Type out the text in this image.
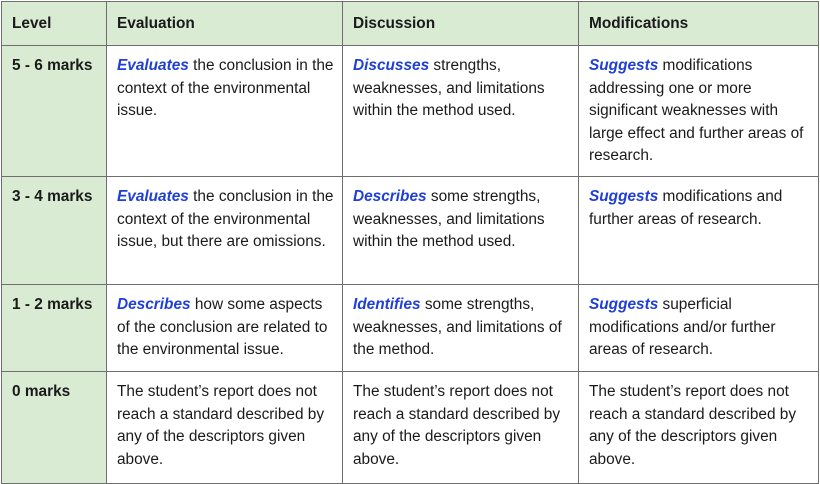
Level	Evaluation	Discussion	Modifications
5 - 6 marks	Evaluates the conclusion in the context of the environmental issue.	Discusses strengths, weaknesses, and limitations within the method used.	Suggests modifications addressing one or more significant weaknesses with large effect and further areas of research.
3 - 4 marks	Evaluates the conclusion in the context of the environmental issue, but there are omissions.	Describes some strengths, weaknesses, and limitations within the method used.	Suggests modifications and further areas of research.
1 - 2 marks	Describes how some aspects of the conclusion are related to the environmental issue.	Identifies some strengths, weaknesses, and limitations of the method.	Suggests superficial modifications and/or further areas of research.
0 marks	The student’s report does not reach a standard described by any of the descriptors given above.	The student’s report does not reach a standard described by any of the descriptors given above.	The student’s report does not reach a standard described by any of the descriptors given above.
